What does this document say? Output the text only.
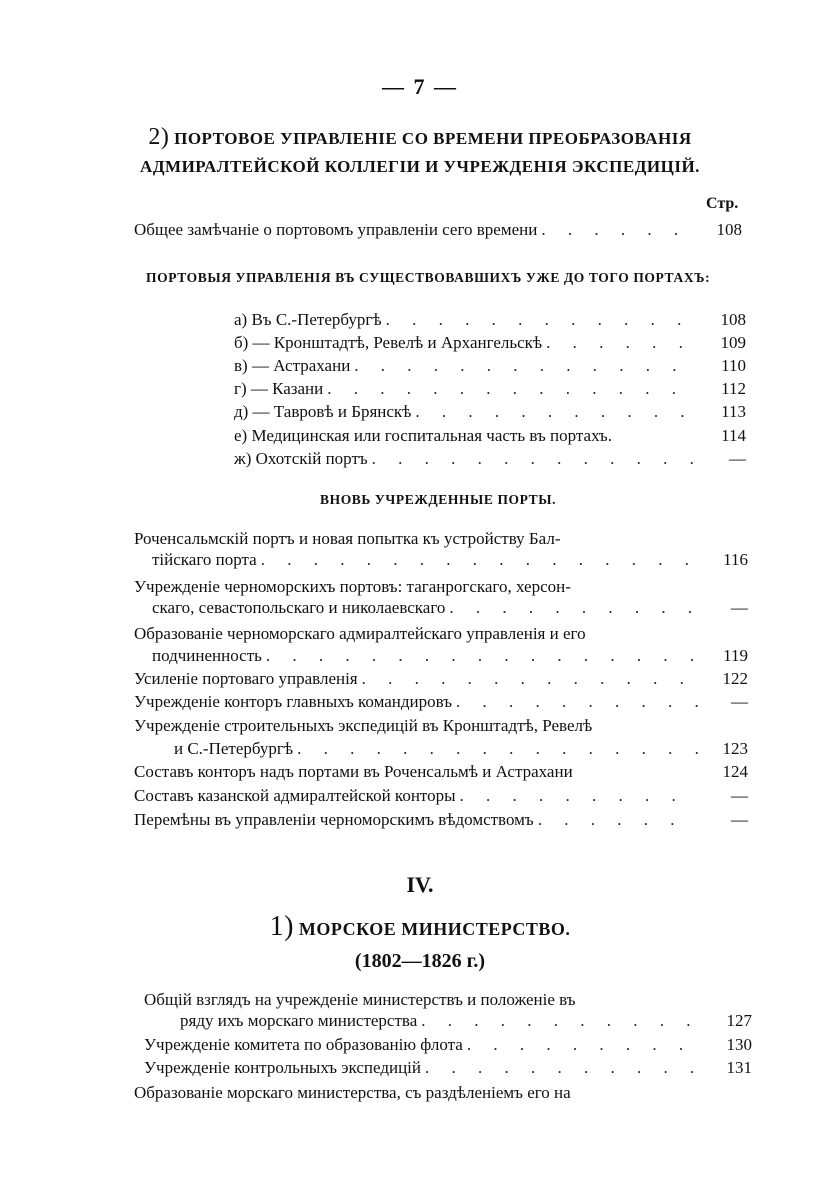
— 7 —
2) ПОРТОВОЕ УПРАВЛЕНІЕ СО ВРЕМЕНИ ПРЕОБРАЗОВАНІЯ
АДМИРАЛТЕЙСКОЙ КОЛЛЕГІИ И УЧРЕЖДЕНІЯ ЭКСПЕДИЦІЙ.
Стр.
Общее замѣчаніе о портовомъ управленіи сего времени . . .	108
ПОРТОВЫЯ УПРАВЛЕНІЯ ВЪ СУЩЕСТВОВАВШИХЪ УЖЕ ДО ТОГО ПОРТАХЪ:
а) Въ С.-Петербургѣ . . .	108
б) — Кронштадтѣ, Ревелѣ и Архангельскѣ . . .	109
в) — Астрахани . . .	110
г) — Казани . . .	112
д) — Тавровѣ и Брянскѣ . . .	113
е) Медицинская или госпитальная часть въ портахъ.	114
ж) Охотскій портъ . . .	—
ВНОВЬ УЧРЕЖДЕННЫЕ ПОРТЫ.
Роченсальмскій портъ и новая попытка къ устройству Бал-
тійскаго порта . . .	116
Учрежденіе черноморскихъ портовъ: таганрогскаго, херсон-
скаго, севастопольскаго и николаевскаго . . .	—
Образованіе черноморскаго адмиралтейскаго управленія и его
подчиненность . . .	119
Усиленіе портоваго управленія . . .	122
Учрежденіе конторъ главныхъ командировъ . . .	—
Учрежденіе строительныхъ экспедицій въ Кронштадтѣ, Ревелѣ
и С.-Петербургѣ . . .	123
Составъ конторъ надъ портами въ Роченсальмѣ и Астрахани	124
Составъ казанской адмиралтейской конторы . . .	—
Перемѣны въ управленіи черноморскимъ вѣдомствомъ . . .	—
IV.
1) МОРСКОЕ МИНИСТЕРСТВО.
(1802—1826 г.)
Общій взглядъ на учрежденіе министерствъ и положеніе въ
ряду ихъ морскаго министерства . . .	127
Учрежденіе комитета по образованію флота . . .	130
Учрежденіе контрольныхъ экспедицій . . .	131
Образованіе морскаго министерства, съ раздѣленіемъ его на
